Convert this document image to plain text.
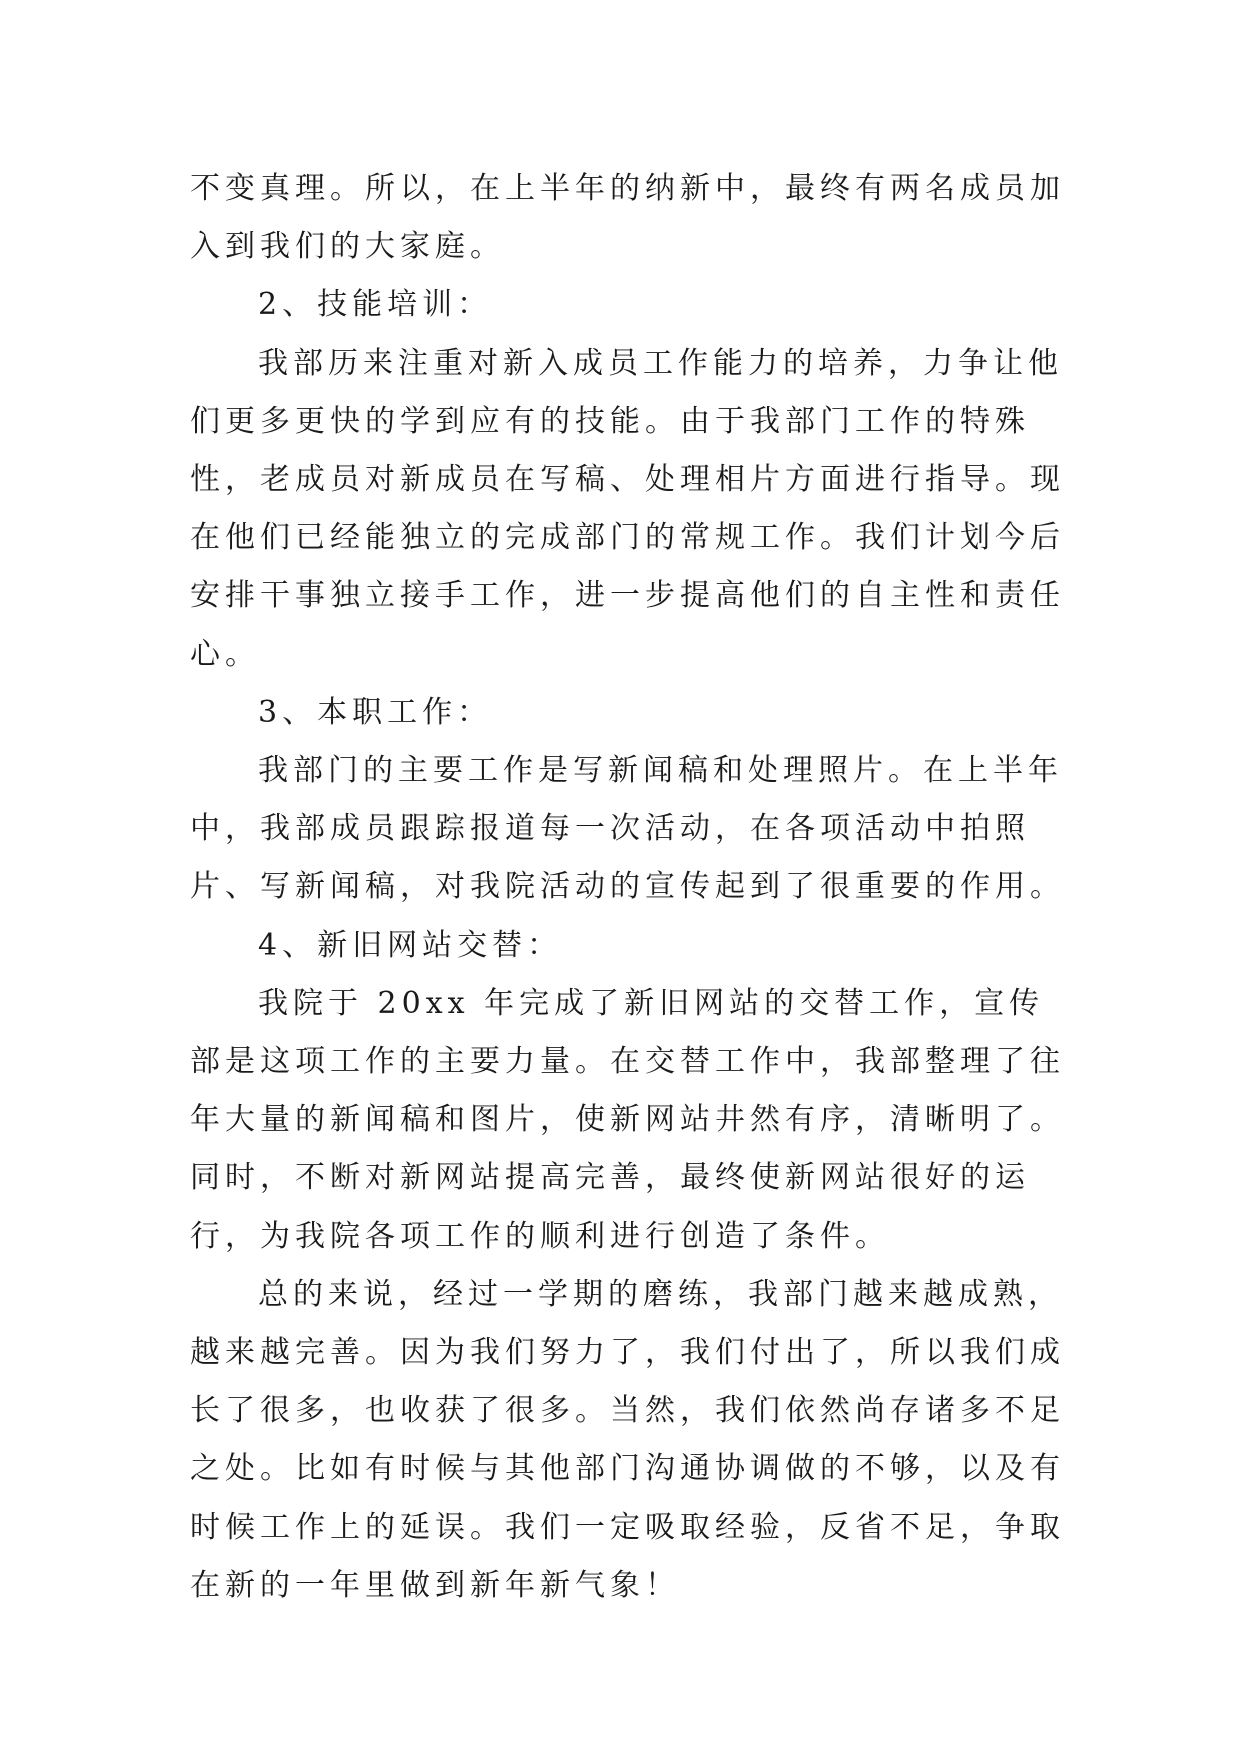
不变真理。所以，在上半年的纳新中，最终有两名成员加入到我们的大家庭。

2、技能培训：

我部历来注重对新入成员工作能力的培养，力争让他们更多更快的学到应有的技能。由于我部门工作的特殊性，老成员对新成员在写稿、处理相片方面进行指导。现在他们已经能独立的完成部门的常规工作。我们计划今后安排干事独立接手工作，进一步提高他们的自主性和责任心。

3、本职工作：

我部门的主要工作是写新闻稿和处理照片。在上半年中，我部成员跟踪报道每一次活动，在各项活动中拍照片、写新闻稿，对我院活动的宣传起到了很重要的作用。

4、新旧网站交替：

我院于 20xx 年完成了新旧网站的交替工作，宣传部是这项工作的主要力量。在交替工作中，我部整理了往年大量的新闻稿和图片，使新网站井然有序，清晰明了。同时，不断对新网站提高完善，最终使新网站很好的运行，为我院各项工作的顺利进行创造了条件。

总的来说，经过一学期的磨练，我部门越来越成熟，越来越完善。因为我们努力了，我们付出了，所以我们成长了很多，也收获了很多。当然，我们依然尚存诸多不足之处。比如有时候与其他部门沟通协调做的不够，以及有时候工作上的延误。我们一定吸取经验，反省不足，争取在新的一年里做到新年新气象！
